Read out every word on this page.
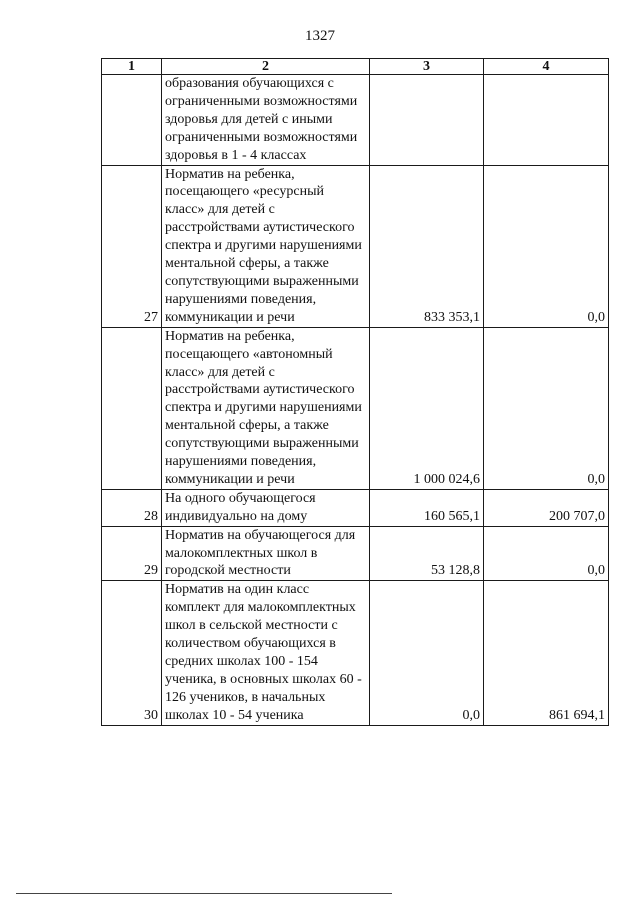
1327
1	2	3	4
	образования обучающихся с ограниченными возможностями здоровья для детей с иными ограниченными возможностями здоровья в 1 - 4 классах		
27	Норматив на ребенка, посещающего «ресурсный класс» для детей с расстройствами аутистического спектра и другими нарушениями ментальной сферы, а также сопутствующими выраженными нарушениями поведения, коммуникации и речи	833 353,1	0,0
	Норматив на ребенка, посещающего «автономный класс» для детей с расстройствами аутистического спектра и другими нарушениями ментальной сферы, а также сопутствующими выраженными нарушениями поведения, коммуникации и речи	1 000 024,6	0,0
28	На одного обучающегося индивидуально на дому	160 565,1	200 707,0
29	Норматив на обучающегося для малокомплектных школ в городской местности	53 128,8	0,0
30	Норматив на один класс комплект для малокомплектных школ в сельской местности с количеством обучающихся в средних школах 100 - 154 ученика, в основных школах 60 - 126 учеников, в начальных школах 10 - 54 ученика	0,0	861 694,1
